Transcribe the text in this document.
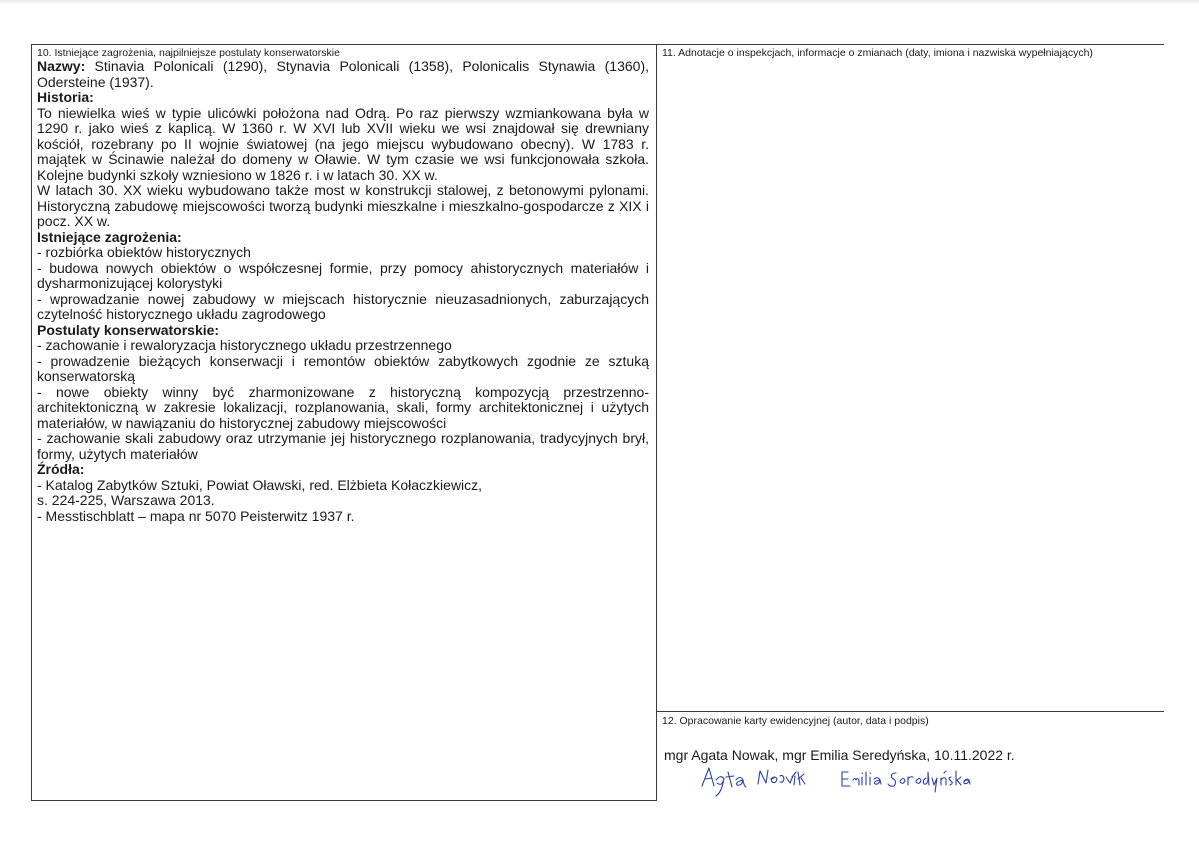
10. Istniejące zagrożenia, najpilniejsze postulaty konserwatorskie

Nazwy: Stinavia Polonicali (1290), Stynavia Polonicali (1358), Polonicalis Stynawia (1360), Odersteine (1937).

Historia:

To niewielka wieś w typie ulicówki położona nad Odrą. Po raz pierwszy wzmiankowana była w 1290 r. jako wieś z kaplicą. W 1360 r. W XVI lub XVII wieku we wsi znajdował się drewniany kościół, rozebrany po II wojnie światowej (na jego miejscu wybudowano obecny). W 1783 r. majątek w Ścinawie należał do domeny w Oławie. W tym czasie we wsi funkcjonowała szkoła. Kolejne budynki szkoły wzniesiono w 1826 r. i w latach 30. XX w.

W latach 30. XX wieku wybudowano także most w konstrukcji stalowej, z betonowymi pylonami. Historyczną zabudowę miejscowości tworzą budynki mieszkalne i mieszkalno-gospodarcze z XIX i pocz. XX w.

Istniejące zagrożenia:

- rozbiórka obiektów historycznych

- budowa nowych obiektów o współczesnej formie, przy pomocy ahistorycznych materiałów i dysharmonizującej kolorystyki

- wprowadzanie nowej zabudowy w miejscach historycznie nieuzasadnionych, zaburzających czytelność historycznego układu zagrodowego

Postulaty konserwatorskie:

- zachowanie i rewaloryzacja historycznego układu przestrzennego

- prowadzenie bieżących konserwacji i remontów obiektów zabytkowych zgodnie ze sztuką konserwatorską

- nowe obiekty winny być zharmonizowane z historyczną kompozycją przestrzenno-architektoniczną w zakresie lokalizacji, rozplanowania, skali, formy architektonicznej i użytych materiałów, w nawiązaniu do historycznej zabudowy miejscowości

- zachowanie skali zabudowy oraz utrzymanie jej historycznego rozplanowania, tradycyjnych brył, formy, użytych materiałów

Źródła:

- Katalog Zabytków Sztuki, Powiat Oławski, red. Elżbieta Kołaczkiewicz,

s. 224-225, Warszawa 2013.

- Messtischblatt – mapa nr 5070 Peisterwitz 1937 r.

11. Adnotacje o inspekcjach, informacje o zmianach (daty, imiona i nazwiska wypełniających)
12. Opracowanie karty ewidencyjnej (autor, data i podpis)
mgr Agata Nowak, mgr Emilia Seredyńska, 10.11.2022 r.
